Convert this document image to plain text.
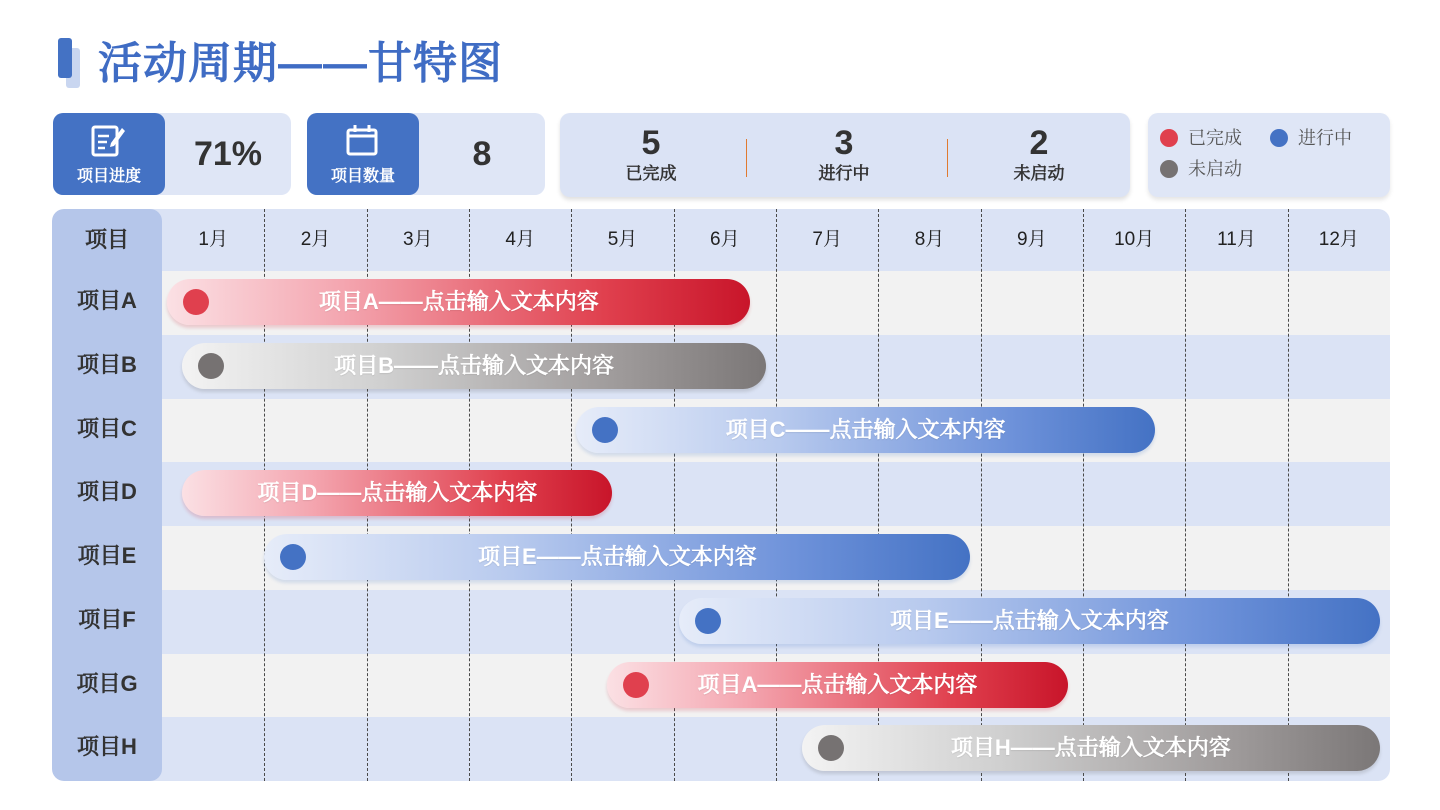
活动周期——甘特图
项目进度
71%
项目数量
8	5
已完成
3
进行中
2
未启动
已完成	进行中
未启动
项目	1月	2月	3月	4月	5月	6月	7月	8月	9月	10月	11月	12月
项目A	项目A——点击输入文本内容
项目B	项目B——点击输入文本内容
项目C	项目C——点击输入文本内容
项目D	项目D——点击输入文本内容
项目E	项目E——点击输入文本内容
项目F	项目E——点击输入文本内容
项目G	项目A——点击输入文本内容
项目H	项目H——点击输入文本内容
